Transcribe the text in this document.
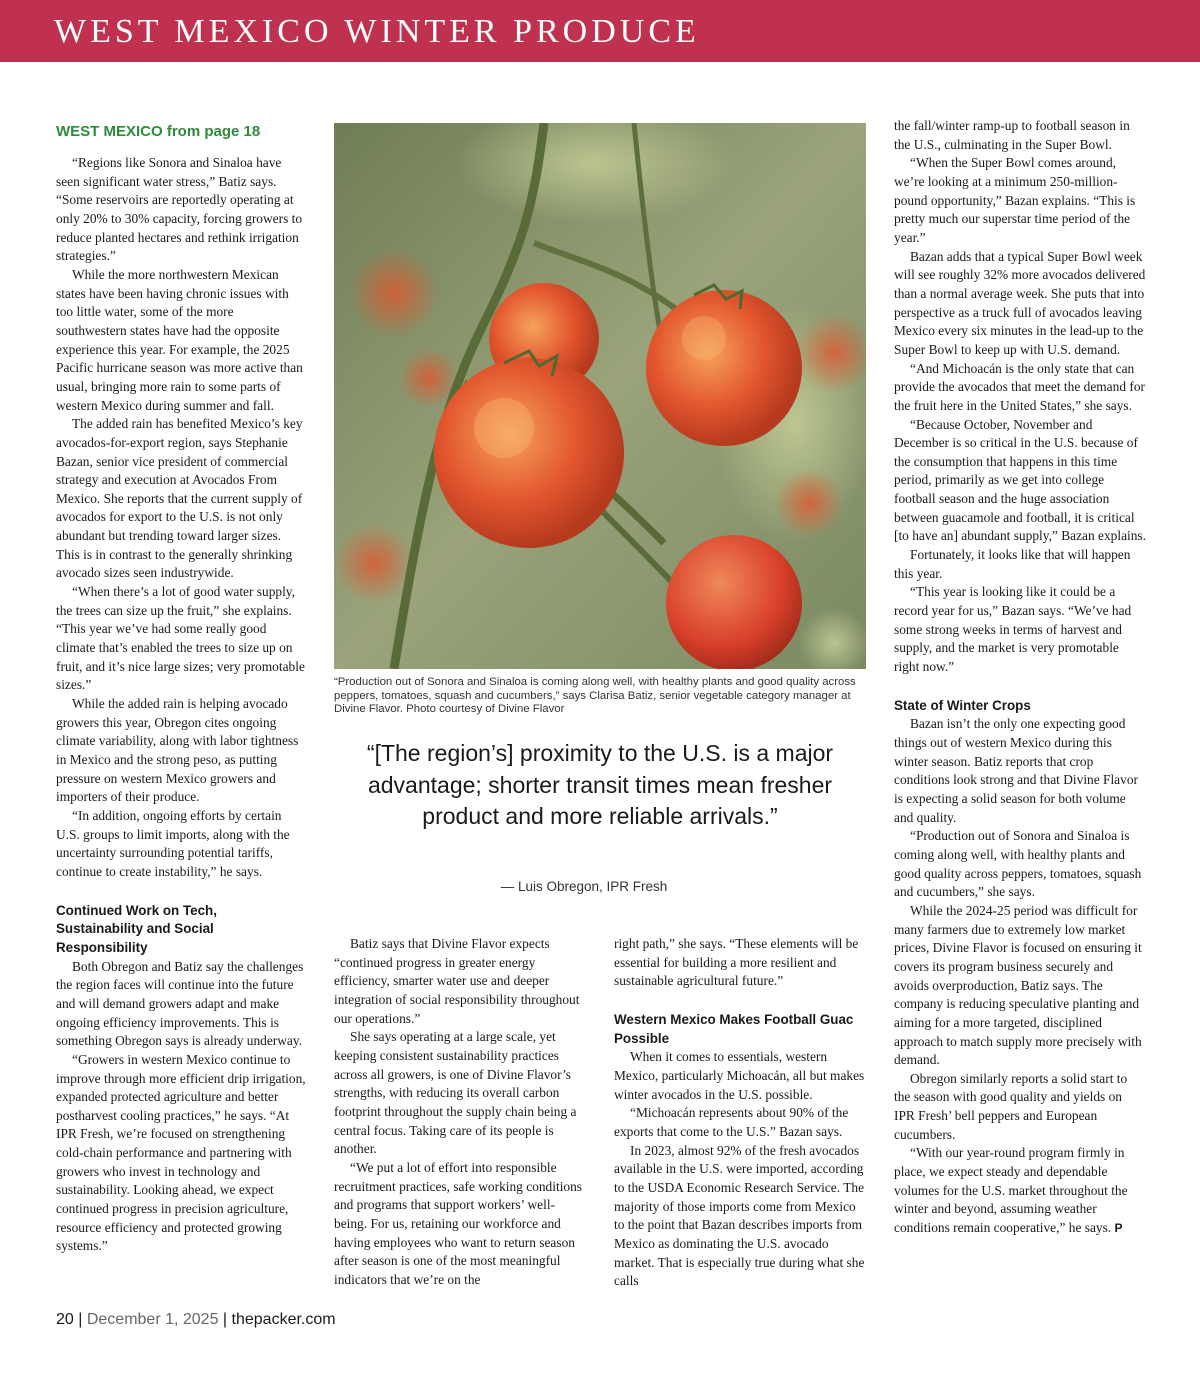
WEST MEXICO WINTER PRODUCE
WEST MEXICO from page 18

“Regions like Sonora and Sinaloa have seen significant water stress,” Batiz says. “Some reservoirs are reportedly operating at only 20% to 30% capacity, forcing growers to reduce planted hectares and rethink irrigation strategies.”

While the more northwestern Mexican states have been having chronic issues with too little water, some of the more southwestern states have had the opposite experience this year. For example, the 2025 Pacific hurricane season was more active than usual, bringing more rain to some parts of western Mexico during summer and fall.

The added rain has benefited Mexico’s key avocados-for-export region, says Stephanie Bazan, senior vice president of commercial strategy and execution at Avocados From Mexico. She reports that the current supply of avocados for export to the U.S. is not only abundant but trending toward larger sizes. This is in contrast to the generally shrinking avocado sizes seen industrywide.

“When there’s a lot of good water supply, the trees can size up the fruit,” she explains. “This year we’ve had some really good climate that’s enabled the trees to size up on fruit, and it’s nice large sizes; very promotable sizes.”

While the added rain is helping avocado growers this year, Obregon cites ongoing climate variability, along with labor tightness in Mexico and the strong peso, as putting pressure on western Mexico growers and importers of their produce.

“In addition, ongoing efforts by certain U.S. groups to limit imports, along with the uncertainty surrounding potential tariffs, continue to create instability,” he says.

Continued Work on Tech, Sustainability and Social Responsibility

Both Obregon and Batiz say the challenges the region faces will continue into the future and will demand growers adapt and make ongoing efficiency improvements. This is something Obregon says is already underway.

“Growers in western Mexico continue to improve through more efficient drip irrigation, expanded protected agriculture and better postharvest cooling practices,” he says. “At IPR Fresh, we’re focused on strengthening cold-chain performance and partnering with growers who invest in technology and sustainability. Looking ahead, we expect continued progress in precision agriculture, resource efficiency and protected growing systems.”

“Production out of Sonora and Sinaloa is coming along well, with healthy plants and good quality across peppers, tomatoes, squash and cucumbers,” says Clarisa Batiz, senior vegetable category manager at Divine Flavor. Photo courtesy of Divine Flavor
“[The region’s] proximity to the U.S. is a major advantage; shorter transit times mean fresher product and more reliable arrivals.”
— Luis Obregon, IPR Fresh

Batiz says that Divine Flavor expects “continued progress in greater energy efficiency, smarter water use and deeper integration of social responsibility throughout our operations.”

She says operating at a large scale, yet keeping consistent sustainability practices across all growers, is one of Divine Flavor’s strengths, with reducing its overall carbon footprint throughout the supply chain being a central focus. Taking care of its people is another.

“We put a lot of effort into responsible recruitment practices, safe working conditions and programs that support workers’ well-being. For us, retaining our workforce and having employees who want to return season after season is one of the most meaningful indicators that we’re on the

right path,” she says. “These elements will be essential for building a more resilient and sustainable agricultural future.”

Western Mexico Makes Football Guac Possible

When it comes to essentials, western Mexico, particularly Michoacán, all but makes winter avocados in the U.S. possible.

“Michoacán represents about 90% of the exports that come to the U.S.” Bazan says.

In 2023, almost 92% of the fresh avocados available in the U.S. were imported, according to the USDA Economic Research Service. The majority of those imports come from Mexico to the point that Bazan describes imports from Mexico as dominating the U.S. avocado market. That is especially true during what she calls

the fall/winter ramp-up to football season in the U.S., culminating in the Super Bowl.

“When the Super Bowl comes around, we’re looking at a minimum 250-million-pound opportunity,” Bazan explains. “This is pretty much our superstar time period of the year.”

Bazan adds that a typical Super Bowl week will see roughly 32% more avocados delivered than a normal average week. She puts that into perspective as a truck full of avocados leaving Mexico every six minutes in the lead-up to the Super Bowl to keep up with U.S. demand.

“And Michoacán is the only state that can provide the avocados that meet the demand for the fruit here in the United States,” she says.

“Because October, November and December is so critical in the U.S. because of the consumption that happens in this time period, primarily as we get into college football season and the huge association between guacamole and football, it is critical [to have an] abundant supply,” Bazan explains.

Fortunately, it looks like that will happen this year.

“This year is looking like it could be a record year for us,” Bazan says. “We’ve had some strong weeks in terms of harvest and supply, and the market is very promotable right now.”

State of Winter Crops

Bazan isn’t the only one expecting good things out of western Mexico during this winter season. Batiz reports that crop conditions look strong and that Divine Flavor is expecting a solid season for both volume and quality.

“Production out of Sonora and Sinaloa is coming along well, with healthy plants and good quality across peppers, tomatoes, squash and cucumbers,” she says.

While the 2024-25 period was difficult for many farmers due to extremely low market prices, Divine Flavor is focused on ensuring it covers its program business securely and avoids overproduction, Batiz says. The company is reducing speculative planting and aiming for a more targeted, disciplined approach to match supply more precisely with demand.

Obregon similarly reports a solid start to the season with good quality and yields on IPR Fresh’ bell peppers and European cucumbers.

“With our year-round program firmly in place, we expect steady and dependable volumes for the U.S. market throughout the winter and beyond, assuming weather conditions remain cooperative,” he says. P

20 | December 1, 2025 | thepacker.com
